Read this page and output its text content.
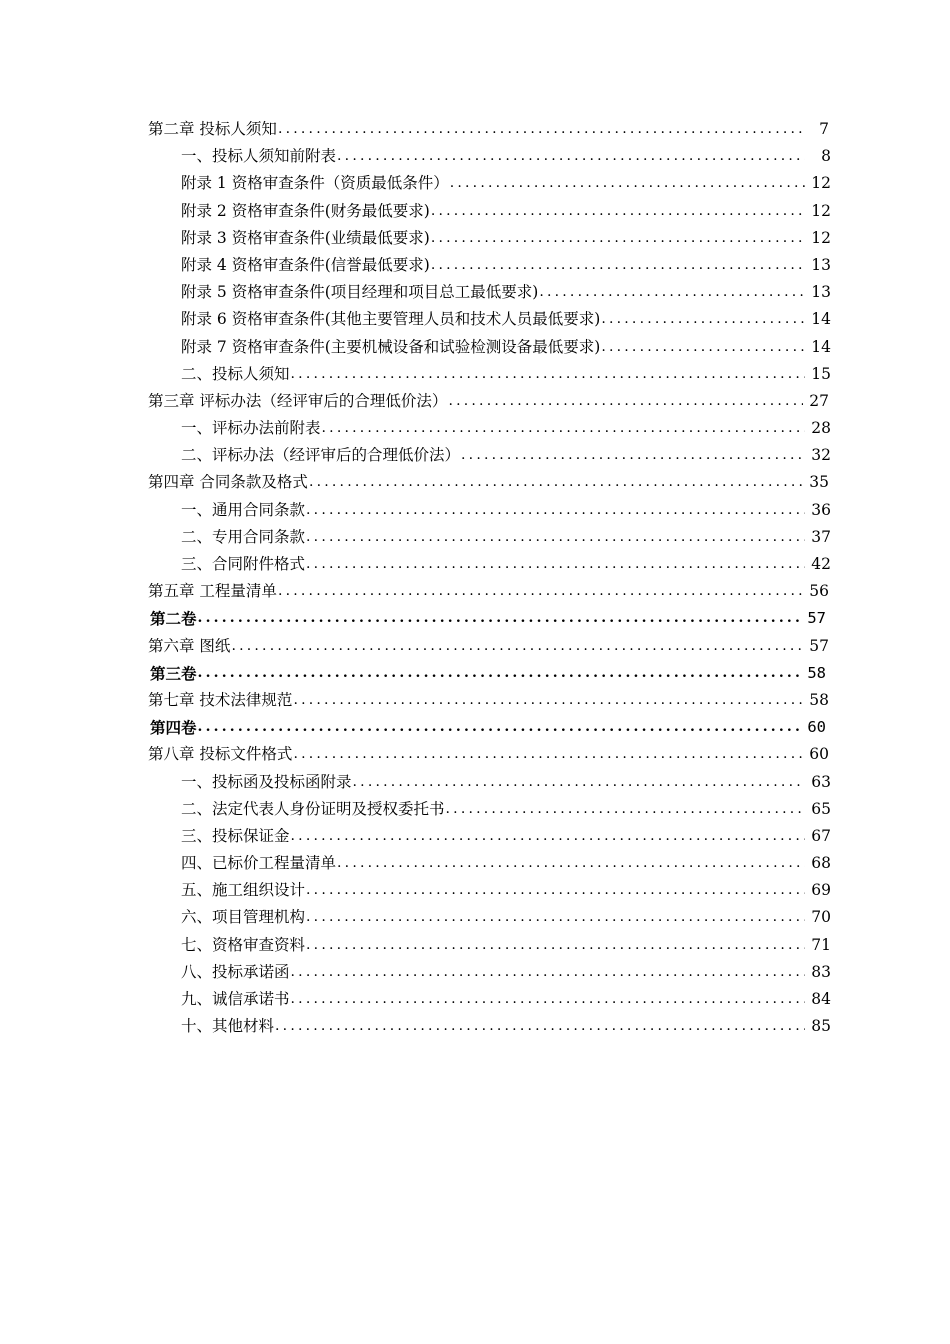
第二章 投标人须知 .....	7
一、投标人须知前附表 .....	8
附录 1 资格审查条件（资质最低条件） .....	12
附录 2 资格审查条件(财务最低要求) .....	12
附录 3 资格审查条件(业绩最低要求) .....	12
附录 4 资格审查条件(信誉最低要求) .....	13
附录 5 资格审查条件(项目经理和项目总工最低要求) .....	13
附录 6 资格审查条件(其他主要管理人员和技术人员最低要求) .....	14
附录 7 资格审查条件(主要机械设备和试验检测设备最低要求) .....	14
二、投标人须知 .....	15
第三章 评标办法（经评审后的合理低价法） .....	27
一、评标办法前附表 .....	28
二、评标办法（经评审后的合理低价法） .....	32
第四章 合同条款及格式 .....	35
一、通用合同条款 .....	36
二、专用合同条款 .....	37
三、合同附件格式 .....	42
第五章 工程量清单 .....	56
第二卷 .....	57
第六章 图纸 .....	57
第三卷 .....	58
第七章 技术法律规范 .....	58
第四卷 .....	60
第八章 投标文件格式 .....	60
一、投标函及投标函附录 .....	63
二、法定代表人身份证明及授权委托书 .....	65
三、投标保证金 .....	67
四、已标价工程量清单 .....	68
五、施工组织设计 .....	69
六、项目管理机构 .....	70
七、资格审查资料 .....	71
八、投标承诺函 .....	83
九、诚信承诺书 .....	84
十、其他材料 .....	85
